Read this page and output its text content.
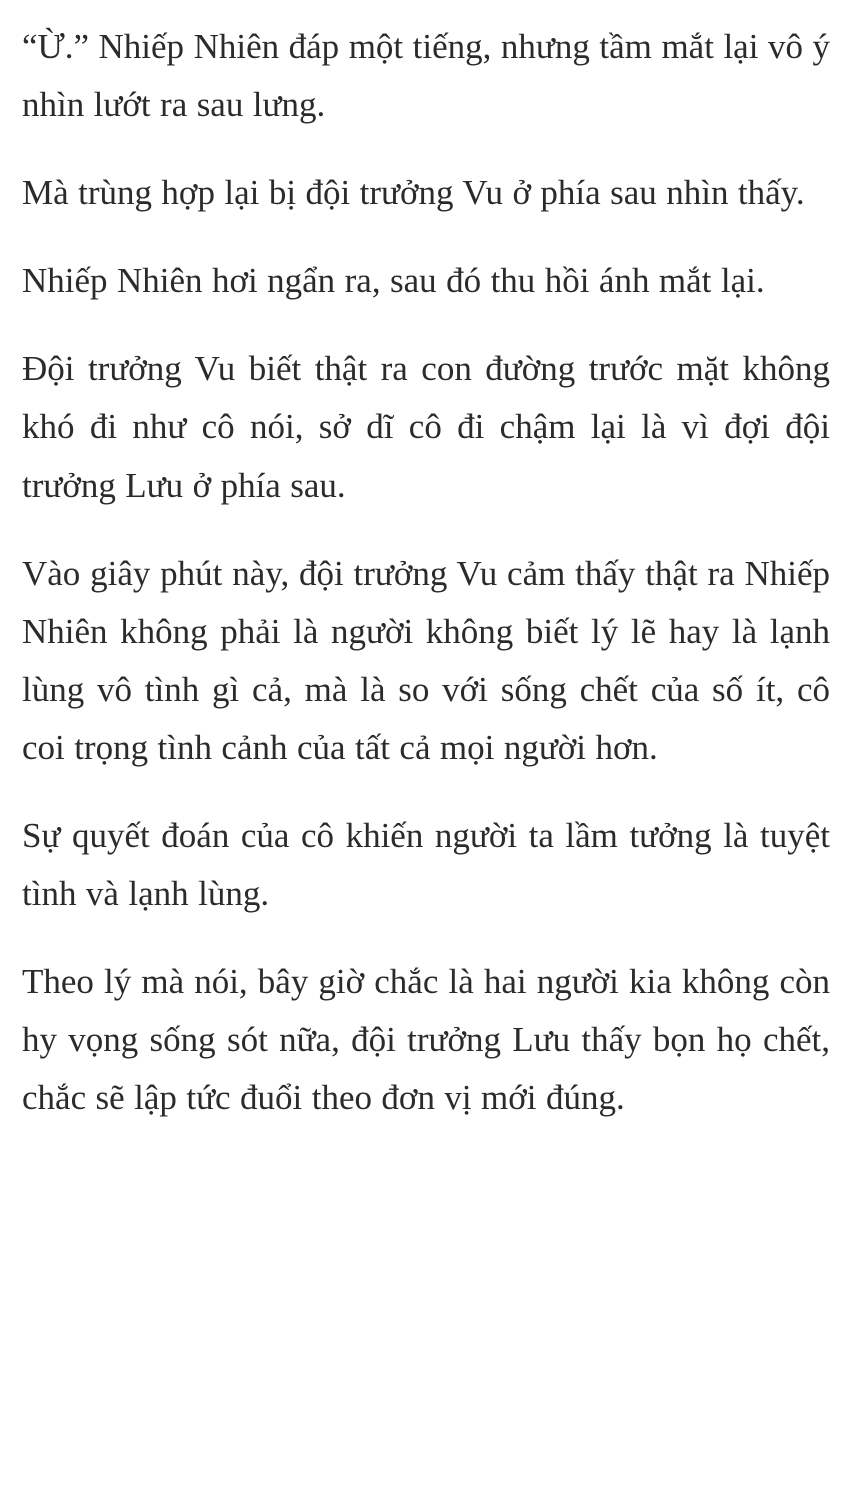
“Ừ.” Nhiếp Nhiên đáp một tiếng, nhưng tầm mắt lại vô ý nhìn lướt ra sau lưng.

Mà trùng hợp lại bị đội trưởng Vu ở phía sau nhìn thấy.

Nhiếp Nhiên hơi ngẩn ra, sau đó thu hồi ánh mắt lại.

Đội trưởng Vu biết thật ra con đường trước mặt không khó đi như cô nói, sở dĩ cô đi chậm lại là vì đợi đội trưởng Lưu ở phía sau.

Vào giây phút này, đội trưởng Vu cảm thấy thật ra Nhiếp Nhiên không phải là người không biết lý lẽ hay là lạnh lùng vô tình gì cả, mà là so với sống chết của số ít, cô coi trọng tình cảnh của tất cả mọi người hơn.

Sự quyết đoán của cô khiến người ta lầm tưởng là tuyệt tình và lạnh lùng.

Theo lý mà nói, bây giờ chắc là hai người kia không còn hy vọng sống sót nữa, đội trưởng Lưu thấy bọn họ chết, chắc sẽ lập tức đuổi theo đơn vị mới đúng.
